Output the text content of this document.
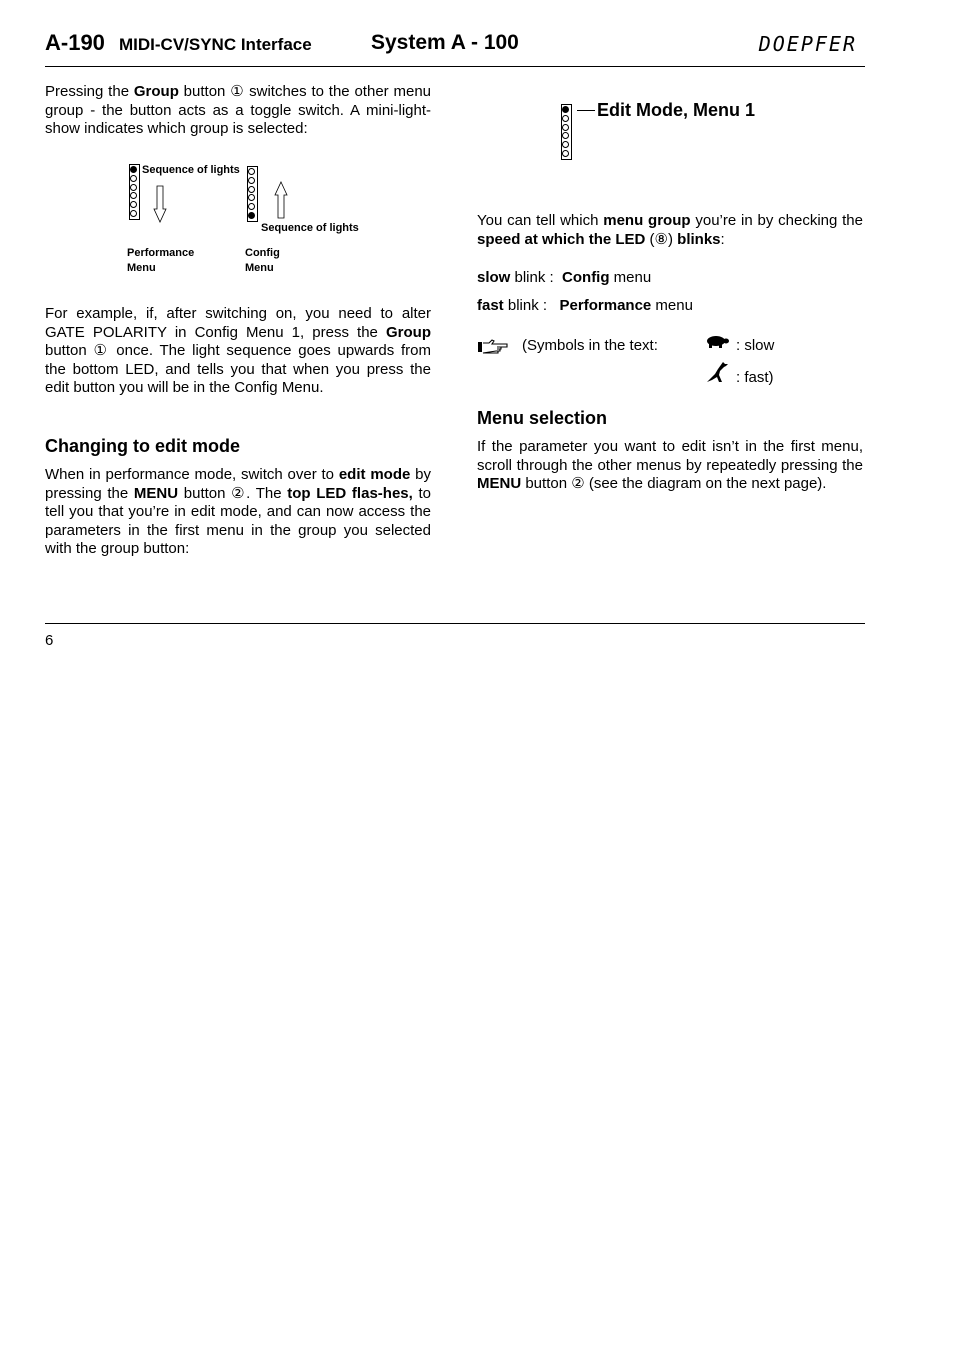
A-190 MIDI-CV/SYNC Interface	System A - 100	DOEPFER

Pressing the Group button ① switches to the other menu group - the button acts as a toggle switch. A mini-light-show indicates which group is selected:

Sequence of lights
Sequence of lights
Performance
Menu
Config
Menu

For example, if, after switching on, you need to alter GATE POLARITY in Config Menu 1, press the Group button ① once. The light sequence goes upwards from the bottom LED, and tells you that when you press the edit button you will be in the Config Menu.

Changing to edit mode

When in performance mode, switch over to edit mode by pressing the MENU button ②. The top LED flas-hes, to tell you that you’re in edit mode, and can now access the parameters in the first menu in the group you selected with the group button:

Edit Mode, Menu 1

You can tell which menu group you’re in by checking the speed at which the LED (⑧) blinks:

slow blink :  Config menu

fast blink :   Performance menu

(Symbols in the text:	: slow
: fast)
Menu selection

If the parameter you want to edit isn’t in the first menu, scroll through the other menus by repeatedly pressing the MENU button ② (see the diagram on the next page).

6
